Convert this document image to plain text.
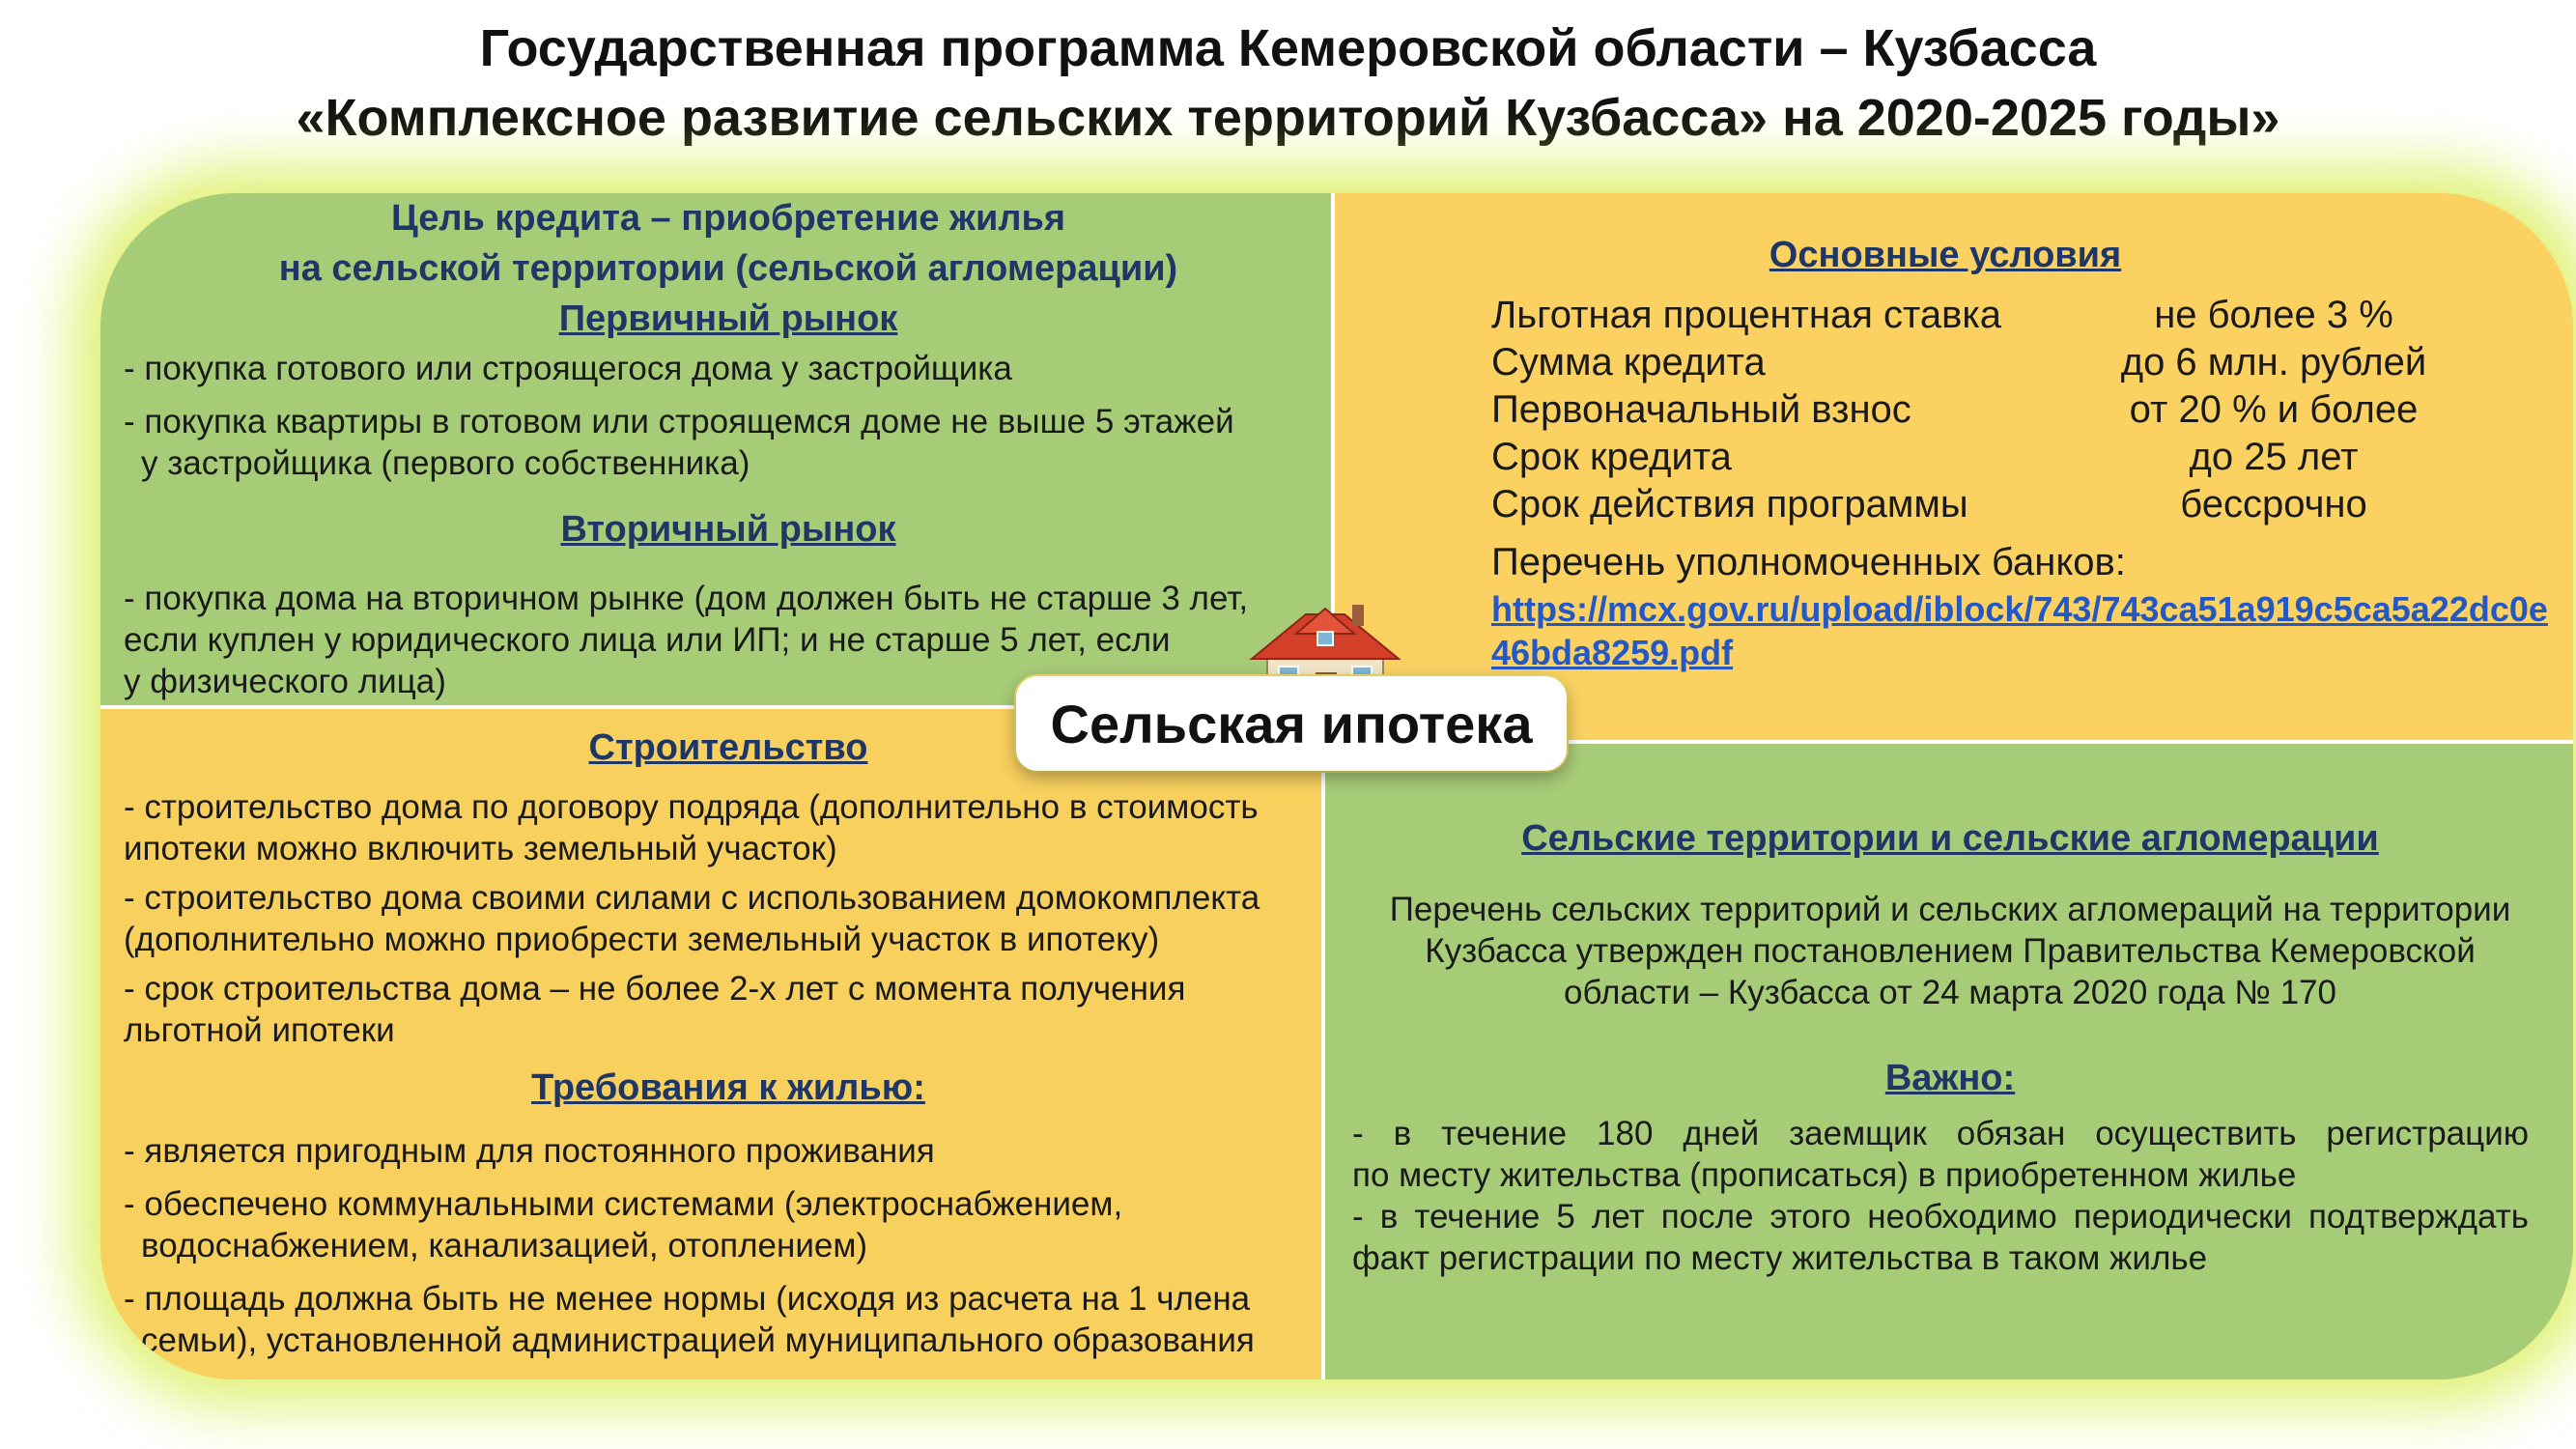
Государственная программа Кемеровской области – Кузбасса
«Комплексное развитие сельских территорий Кузбасса» на 2020-2025 годы»
Цель кредита – приобретение жилья
на сельской территории (сельской агломерации)
Первичный рынок
- покупка готового или строящегося дома у застройщика
- покупка квартиры в готовом или строящемся доме не выше 5 этажей
у застройщика (первого собственника)
Вторичный рынок
- покупка дома на вторичном рынке (дом должен быть не старше 3 лет,
если куплен у юридического лица или ИП; и не старше 5 лет, если
у физического лица)
Основные условия
Льготная процентная ставка
Сумма кредита
Первоначальный взнос
Срок кредита
Срок действия программы
не более 3 %
до 6 млн. рублей
от 20 % и более
до 25 лет
бессрочно
Перечень уполномоченных банков:
https://mcx.gov.ru/upload/iblock/743/743ca51a919c5ca5a22dc0e
46bda8259.pdf
Строительство
- строительство дома по договору подряда (дополнительно в стоимость
ипотеки можно включить земельный участок)
- строительство дома своими силами с использованием домокомплекта
(дополнительно можно приобрести земельный участок в ипотеку)
- срок строительства дома – не более 2-х лет с момента получения
льготной ипотеки
Требования к жилью:
- является пригодным для постоянного проживания
- обеспечено коммунальными системами (электроснабжением,
водоснабжением, канализацией, отоплением)
- площадь должна быть не менее нормы (исходя из расчета на 1 члена
семьи), установленной администрацией муниципального образования
Сельские территории и сельские агломерации
Перечень сельских территорий и сельских агломераций на территории
Кузбасса утвержден постановлением Правительства Кемеровской
области – Кузбасса от 24 марта 2020 года № 170
Важно:
- в течение 180 дней заемщик обязан осуществить регистрацию
по месту жительства (прописаться) в приобретенном жилье
- в течение 5 лет после этого необходимо периодически подтверждать
факт регистрации по месту жительства в таком жилье
Сельская ипотека
